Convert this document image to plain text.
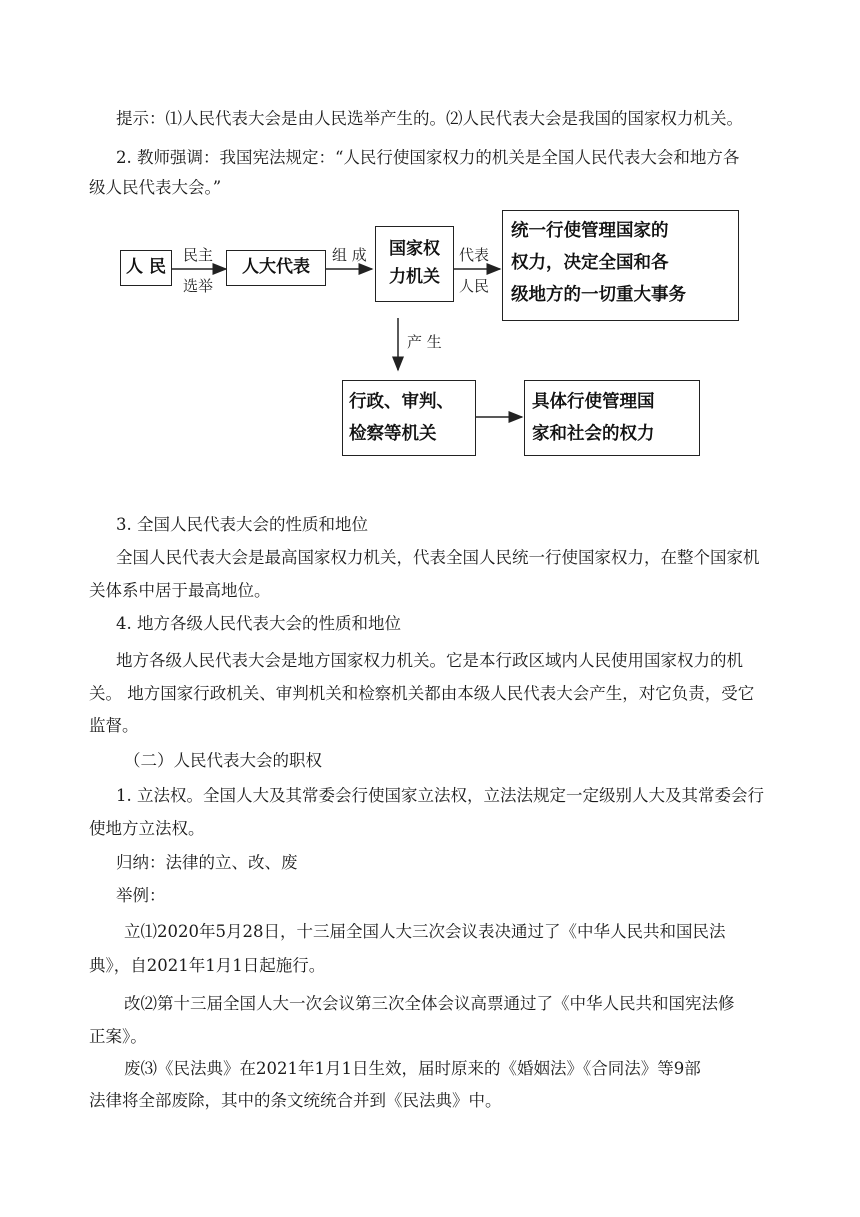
提示：⑴人民代表大会是由人民选举产生的。⑵人民代表大会是我国的国家权力机关。
2. 教师强调：我国宪法规定：“人民行使国家权力的机关是全国人民代表大会和地方各
级人民代表大会。”
人 民	人大代表
国家权
力机关
统一行使管理国家的
权力，决定全国和各
级地方的一切重大事务
行政、审判、
检察等机关
具体行使管理国
家和社会的权力
民主
选举
组 成	代表
人民
产 生
3. 全国人民代表大会的性质和地位
全国人民代表大会是最高国家权力机关，代表全国人民统一行使国家权力，在整个国家机
关体系中居于最高地位。
4. 地方各级人民代表大会的性质和地位
地方各级人民代表大会是地方国家权力机关。它是本行政区域内人民使用国家权力的机
关。 地方国家行政机关、审判机关和检察机关都由本级人民代表大会产生，对它负责，受它
监督。
（二）人民代表大会的职权
1. 立法权。全国人大及其常委会行使国家立法权，立法法规定一定级别人大及其常委会行
使地方立法权。
归纳：法律的立、改、废
举例：
立⑴2020年5月28日，十三届全国人大三次会议表决通过了《中华人民共和国民法
典》，自2021年1月1日起施行。
改⑵第十三届全国人大一次会议第三次全体会议高票通过了《中华人民共和国宪法修
正案》。
废⑶《民法典》在2021年1月1日生效，届时原来的《婚姻法》《合同法》等9部
法律将全部废除，其中的条文统统合并到《民法典》中。
